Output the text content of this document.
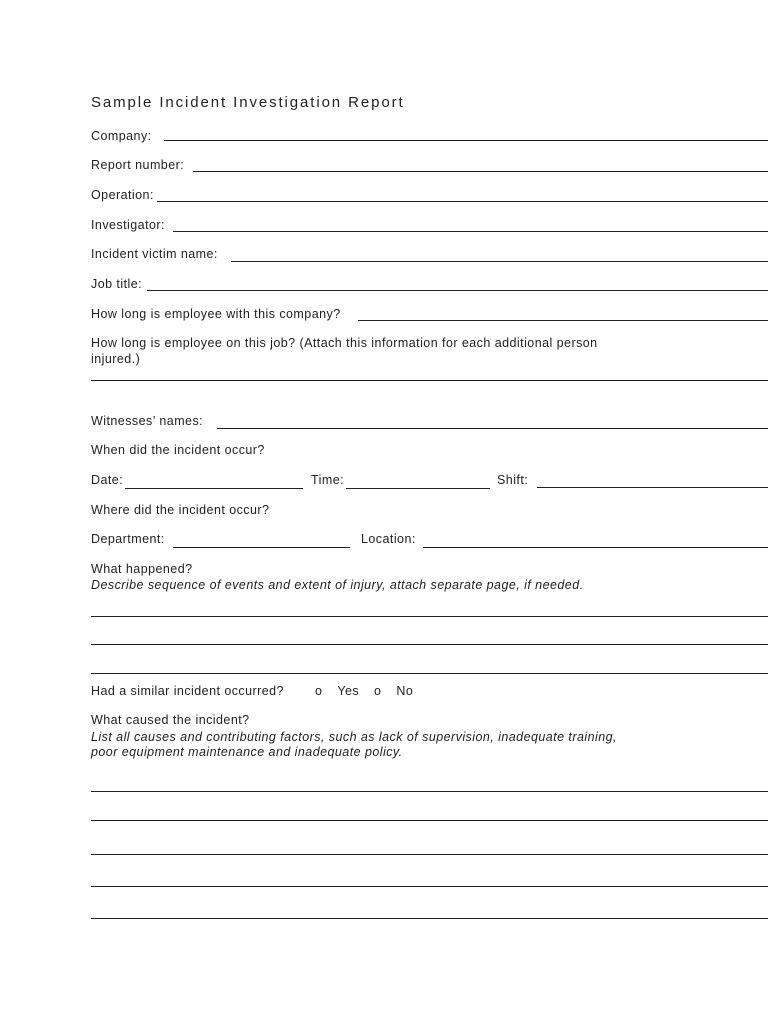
Sample Incident Investigation Report
Company:
Report number:
Operation:
Investigator:
Incident victim name:
Job title:
How long is employee with this company?
How long is employee on this job? (Attach this information for each additional person
injured.)
Witnesses’ names:
When did the incident occur?
Date:	Time:	Shift:
Where did the incident occur?
Department:	Location:
What happened?
Describe sequence of events and extent of injury, attach separate page, if needed.
Had a similar incident occurred? o Yes o No
What caused the incident?
List all causes and contributing factors, such as lack of supervision, inadequate training,
poor equipment maintenance and inadequate policy.
